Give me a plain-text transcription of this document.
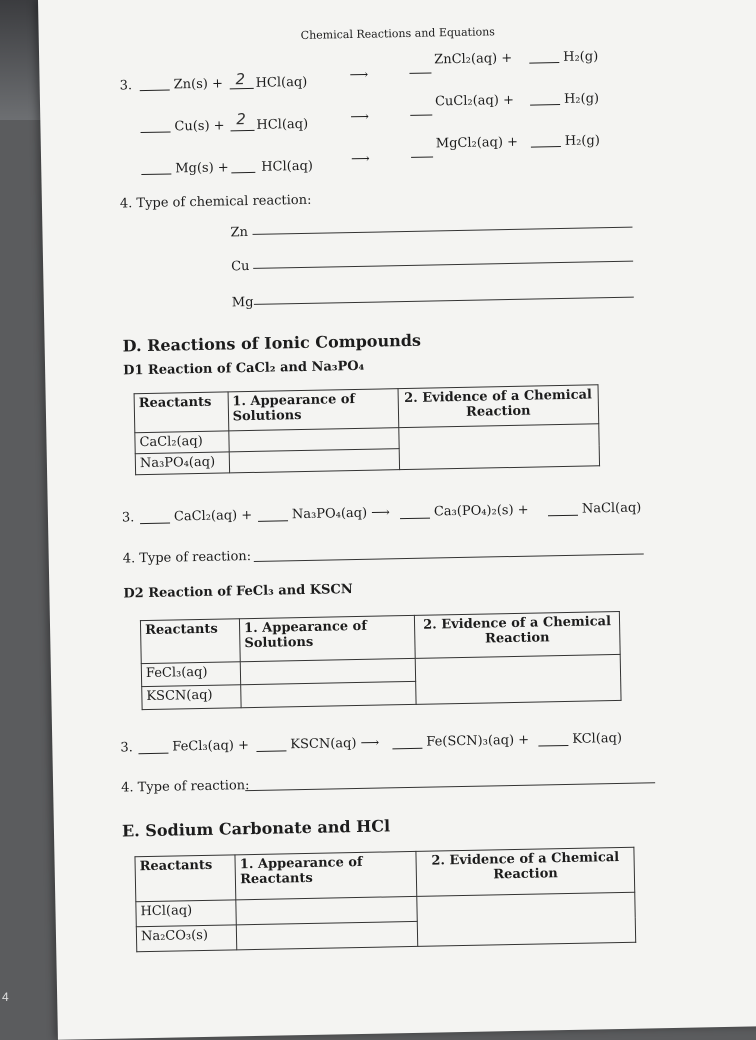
4
Chemical Reactions and Equations
3.	Zn(s) + 2 HCl(aq)	⟶
ZnCl₂(aq) +	H₂(g)
Cu(s) + 2 HCl(aq)	⟶
CuCl₂(aq) +	H₂(g)
Mg(s) + HCl(aq)	⟶
MgCl₂(aq) +	H₂(g)
4. Type of chemical reaction:
Zn
Cu
Mg
D. Reactions of Ionic Compounds
D1 Reaction of CaCl₂ and Na₃PO₄
Reactants	1. Appearance of Solutions	2. Evidence of a Chemical Reaction
CaCl₂(aq)		
Na₃PO₄(aq)		
3.	CaCl₂(aq) +	Na₃PO₄(aq) ⟶	Ca₃(PO₄)₂(s) +	NaCl(aq)
4. Type of reaction:
D2 Reaction of FeCl₃ and KSCN
Reactants	1. Appearance of Solutions	2. Evidence of a Chemical Reaction
FeCl₃(aq)		
KSCN(aq)		
3.	FeCl₃(aq) +	KSCN(aq) ⟶	Fe(SCN)₃(aq) +	KCl(aq)
4. Type of reaction:
E. Sodium Carbonate and HCl
Reactants	1. Appearance of Reactants	2. Evidence of a Chemical Reaction
HCl(aq)		
Na₂CO₃(s)		
